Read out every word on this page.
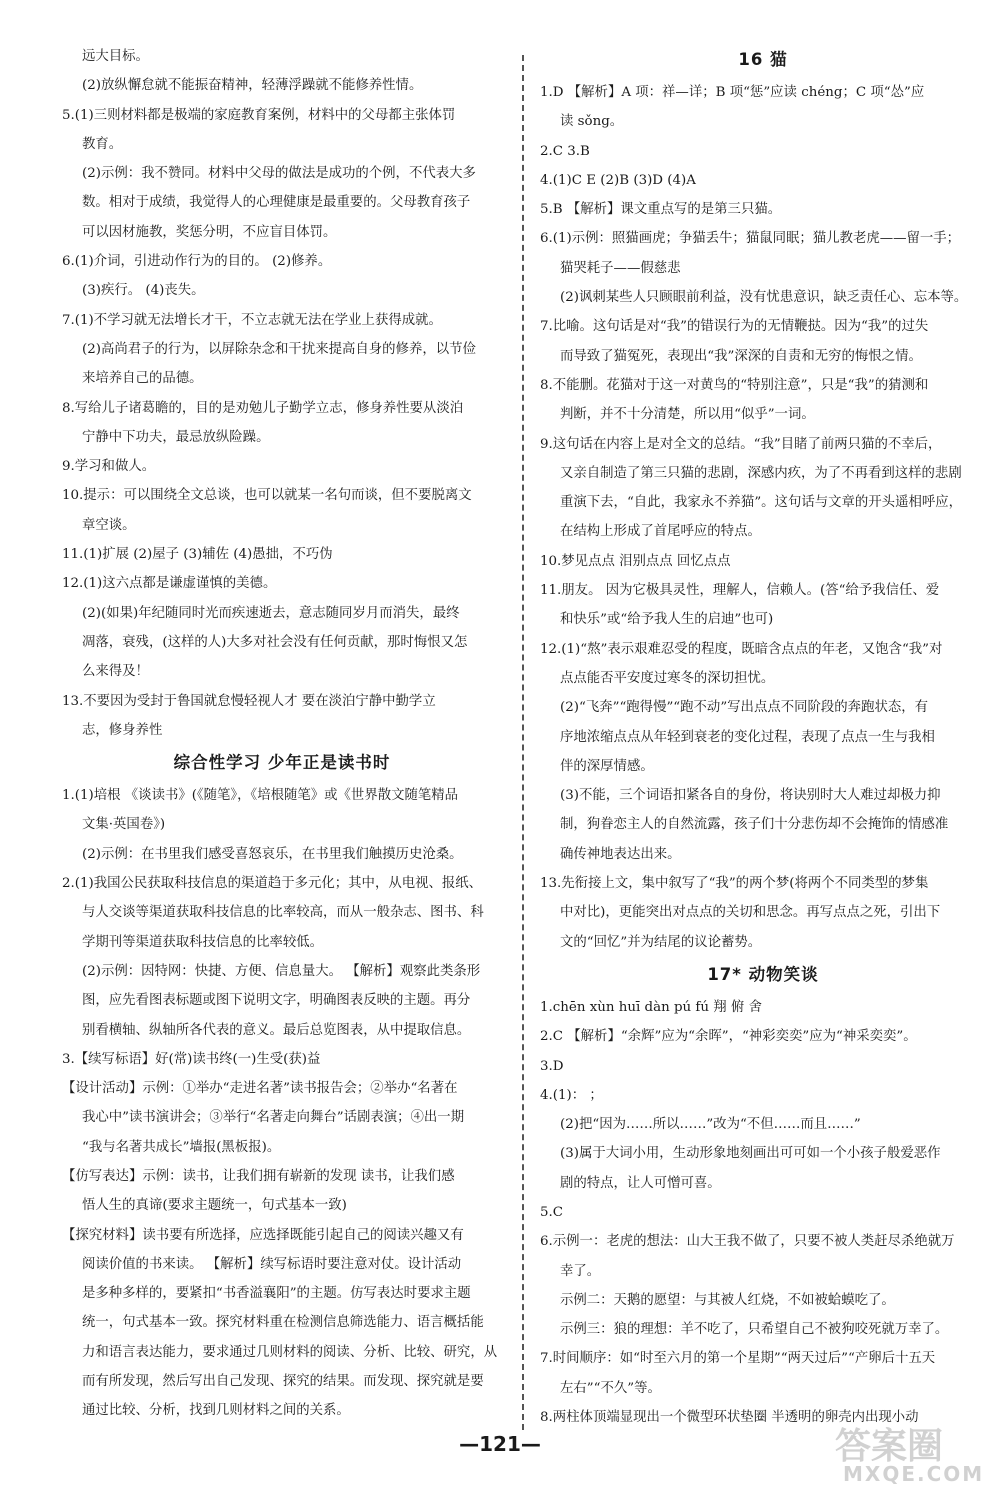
远大目标。
(2)放纵懈怠就不能振奋精神，轻薄浮躁就不能修养性情。
5.(1)三则材料都是极端的家庭教育案例，材料中的父母都主张体罚
教育。
(2)示例：我不赞同。材料中父母的做法是成功的个例，不代表大多
数。相对于成绩，我觉得人的心理健康是最重要的。父母教育孩子
可以因材施教，奖惩分明，不应盲目体罚。
6.(1)介词，引进动作行为的目的。 (2)修养。
(3)疾行。 (4)丧失。
7.(1)不学习就无法增长才干，不立志就无法在学业上获得成就。
(2)高尚君子的行为，以屏除杂念和干扰来提高自身的修养，以节俭
来培养自己的品德。
8.写给儿子诸葛瞻的，目的是劝勉儿子勤学立志，修身养性要从淡泊
宁静中下功夫，最忌放纵险躁。
9.学习和做人。
10.提示：可以围绕全文总谈，也可以就某一名句而谈，但不要脱离文
章空谈。
11.(1)扩展 (2)屋子 (3)辅佐 (4)愚拙，不巧伪
12.(1)这六点都是谦虚谨慎的美德。
(2)(如果)年纪随同时光而疾速逝去，意志随同岁月而消失，最终
凋落，衰残，(这样的人)大多对社会没有任何贡献，那时悔恨又怎
么来得及！
13.不要因为受封于鲁国就怠慢轻视人才 要在淡泊宁静中勤学立
志，修身养性
综合性学习 少年正是读书时
1.(1)培根 《谈读书》(《随笔》，《培根随笔》或《世界散文随笔精品
文集·英国卷》)
(2)示例：在书里我们感受喜怒哀乐，在书里我们触摸历史沧桑。
2.(1)我国公民获取科技信息的渠道趋于多元化；其中，从电视、报纸、
与人交谈等渠道获取科技信息的比率较高，而从一般杂志、图书、科
学期刊等渠道获取科技信息的比率较低。
(2)示例：因特网：快捷、方便、信息量大。 【解析】观察此类条形
图，应先看图表标题或图下说明文字，明确图表反映的主题。再分
别看横轴、纵轴所各代表的意义。最后总览图表，从中提取信息。
3.【续写标语】好(常)读书终(一)生受(获)益
【设计活动】示例：①举办“走进名著”读书报告会；②举办“名著在
我心中”读书演讲会；③举行“名著走向舞台”话剧表演；④出一期
“我与名著共成长”墙报(黑板报)。
【仿写表达】示例：读书，让我们拥有崭新的发现 读书，让我们感
悟人生的真谛(要求主题统一，句式基本一致)
【探究材料】读书要有所选择，应选择既能引起自己的阅读兴趣又有
阅读价值的书来读。 【解析】续写标语时要注意对仗。设计活动
是多种多样的，要紧扣“书香溢襄阳”的主题。仿写表达时要求主题
统一，句式基本一致。探究材料重在检测信息筛选能力、语言概括能
力和语言表达能力，要求通过几则材料的阅读、分析、比较、研究，从
而有所发现，然后写出自己发现、探究的结果。而发现、探究就是要
通过比较、分析，找到几则材料之间的关系。
16 猫
1.D 【解析】A 项：祥—详；B 项“惩”应读 chéng；C 项“怂”应
读 sǒng。
2.C 3.B
4.(1)C E (2)B (3)D (4)A
5.B 【解析】课文重点写的是第三只猫。
6.(1)示例：照猫画虎；争猫丢牛；猫鼠同眠；猫儿教老虎——留一手；
猫哭耗子——假慈悲
(2)讽刺某些人只顾眼前利益，没有忧患意识，缺乏责任心、忘本等。
7.比喻。这句话是对“我”的错误行为的无情鞭挞。因为“我”的过失
而导致了猫冤死，表现出“我”深深的自责和无穷的悔恨之情。
8.不能删。花猫对于这一对黄鸟的“特别注意”，只是“我”的猜测和
判断，并不十分清楚，所以用“似乎”一词。
9.这句话在内容上是对全文的总结。“我”目睹了前两只猫的不幸后，
又亲自制造了第三只猫的悲剧，深感内疚，为了不再看到这样的悲剧
重演下去，“自此，我家永不养猫”。这句话与文章的开头遥相呼应，
在结构上形成了首尾呼应的特点。
10.梦见点点 泪别点点 回忆点点
11.朋友。 因为它极具灵性，理解人，信赖人。(答“给予我信任、爱
和快乐”或“给予我人生的启迪”也可)
12.(1)“熬”表示艰难忍受的程度，既暗含点点的年老，又饱含“我”对
点点能否平安度过寒冬的深切担忧。
(2)“飞奔”“跑得慢”“跑不动”写出点点不同阶段的奔跑状态，有
序地浓缩点点从年轻到衰老的变化过程，表现了点点一生与我相
伴的深厚情感。
(3)不能，三个词语扣紧各自的身份，将诀别时大人难过却极力抑
制，狗眷恋主人的自然流露，孩子们十分悲伤却不会掩饰的情感准
确传神地表达出来。
13.先衔接上文，集中叙写了“我”的两个梦(将两个不同类型的梦集
中对比)，更能突出对点点的关切和思念。再写点点之死，引出下
文的“回忆”并为结尾的议论蓄势。
17* 动物笑谈
1.chēn xùn huī dàn pú fú 翔 俯 舍
2.C 【解析】“余辉”应为“余晖”，“神彩奕奕”应为“神采奕奕”。
3.D
4.(1)： ；
(2)把“因为……所以……”改为“不但……而且……”
(3)属于大词小用，生动形象地刻画出可可如一个小孩子般爱恶作
剧的特点，让人可憎可喜。
5.C
6.示例一：老虎的想法：山大王我不做了，只要不被人类赶尽杀绝就万
幸了。
示例二：天鹅的愿望：与其被人红烧，不如被蛤蟆吃了。
示例三：狼的理想：羊不吃了，只希望自己不被狗咬死就万幸了。
7.时间顺序：如“时至六月的第一个星期”“两天过后”“产卵后十五天
左右”“不久”等。
8.两柱体顶端显现出一个微型环状垫圈 半透明的卵壳内出现小动
—121—	答案圈
MXQE.COM
